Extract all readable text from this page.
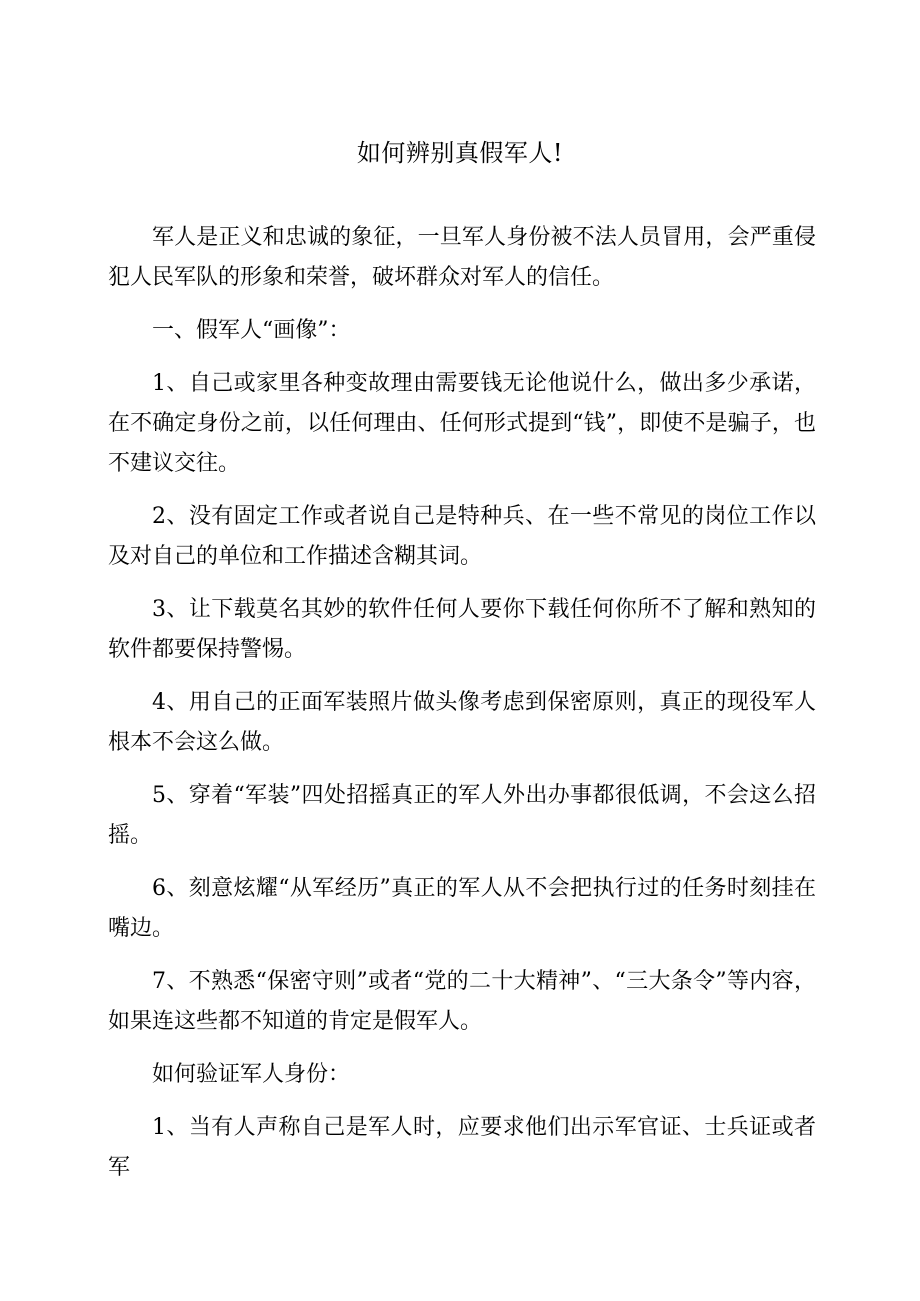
如何辨别真假军人!

军人是正义和忠诚的象征，一旦军人身份被不法人员冒用，会严重侵犯人民军队的形象和荣誉，破坏群众对军人的信任。

一、假军人“画像”：

1、自己或家里各种变故理由需要钱无论他说什么，做出多少承诺，在不确定身份之前，以任何理由、任何形式提到“钱”，即使不是骗子，也不建议交往。

2、没有固定工作或者说自己是特种兵、在一些不常见的岗位工作以及对自己的单位和工作描述含糊其词。

3、让下载莫名其妙的软件任何人要你下载任何你所不了解和熟知的软件都要保持警惕。

4、用自己的正面军装照片做头像考虑到保密原则，真正的现役军人根本不会这么做。

5、穿着“军装”四处招摇真正的军人外出办事都很低调，不会这么招摇。

6、刻意炫耀“从军经历”真正的军人从不会把执行过的任务时刻挂在嘴边。

7、不熟悉“保密守则”或者“党的二十大精神”、“三大条令”等内容，如果连这些都不知道的肯定是假军人。

如何验证军人身份：

1、当有人声称自己是军人时，应要求他们出示军官证、士兵证或者军
